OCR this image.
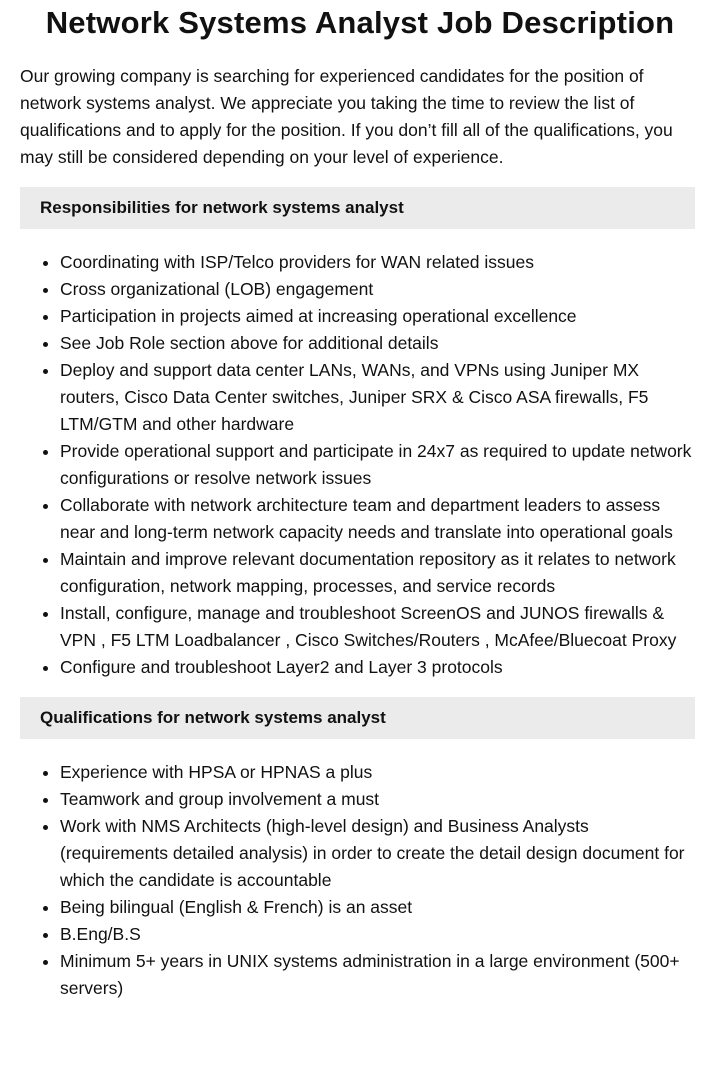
Network Systems Analyst Job Description

Our growing company is searching for experienced candidates for the position of network systems analyst. We appreciate you taking the time to review the list of qualifications and to apply for the position. If you don’t fill all of the qualifications, you may still be considered depending on your level of experience.

Responsibilities for network systems analyst
• Coordinating with ISP/Telco providers for WAN related issues
• Cross organizational (LOB) engagement
• Participation in projects aimed at increasing operational excellence
• See Job Role section above for additional details
• Deploy and support data center LANs, WANs, and VPNs using Juniper MX routers, Cisco Data Center switches, Juniper SRX & Cisco ASA firewalls, F5 LTM/GTM and other hardware
• Provide operational support and participate in 24x7 as required to update network configurations or resolve network issues
• Collaborate with network architecture team and department leaders to assess near and long-term network capacity needs and translate into operational goals
• Maintain and improve relevant documentation repository as it relates to network configuration, network mapping, processes, and service records
• Install, configure, manage and troubleshoot ScreenOS and JUNOS firewalls & VPN , F5 LTM Loadbalancer , Cisco Switches/Routers , McAfee/Bluecoat Proxy
• Configure and troubleshoot Layer2 and Layer 3 protocols
Qualifications for network systems analyst
• Experience with HPSA or HPNAS a plus
• Teamwork and group involvement a must
• Work with NMS Architects (high-level design) and Business Analysts (requirements detailed analysis) in order to create the detail design document for which the candidate is accountable
• Being bilingual (English & French) is an asset
• B.Eng/B.S
• Minimum 5+ years in UNIX systems administration in a large environment (500+ servers)
